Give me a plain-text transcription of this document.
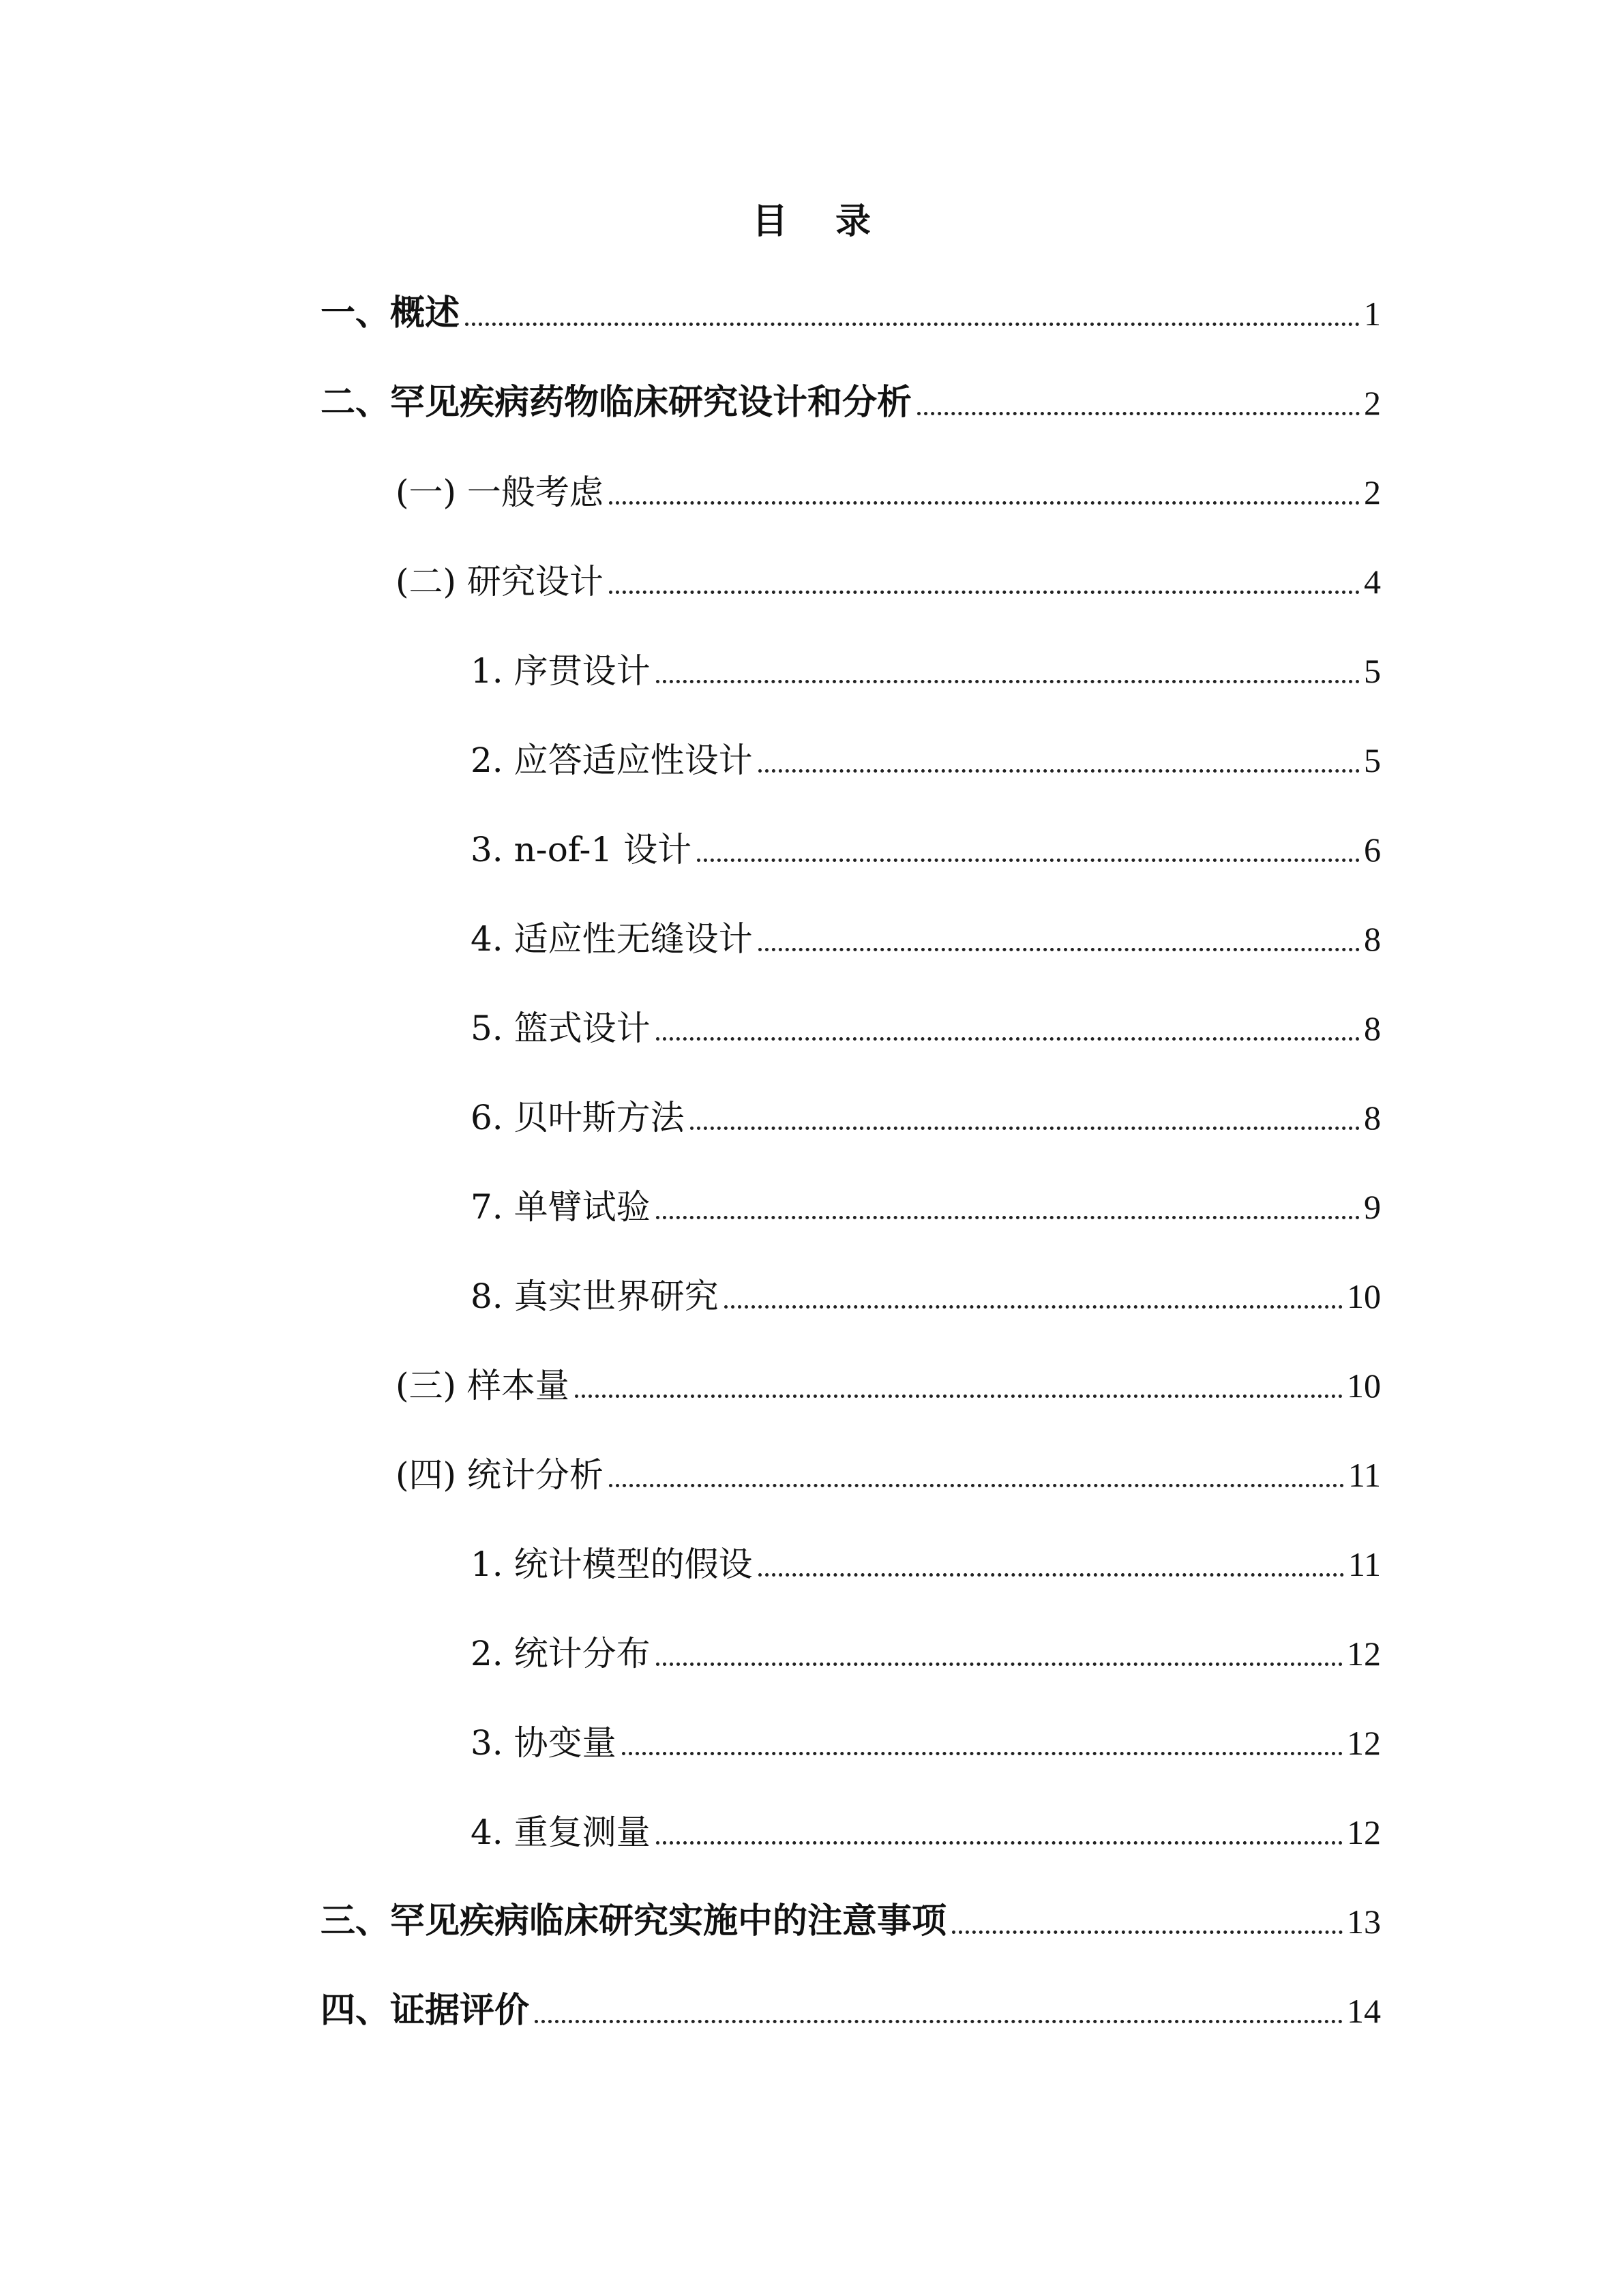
目 录
一、概述	1
二、罕见疾病药物临床研究设计和分析	2
(一) 一般考虑	2
(二) 研究设计	4
1. 序贯设计	5
2. 应答适应性设计	5
3. n-of-1 设计	6
4. 适应性无缝设计	8
5. 篮式设计	8
6. 贝叶斯方法	8
7. 单臂试验	9
8. 真实世界研究	10
(三) 样本量	10
(四) 统计分析	11
1. 统计模型的假设	11
2. 统计分布	12
3. 协变量	12
4. 重复测量	12
三、罕见疾病临床研究实施中的注意事项	13
四、证据评价	14
